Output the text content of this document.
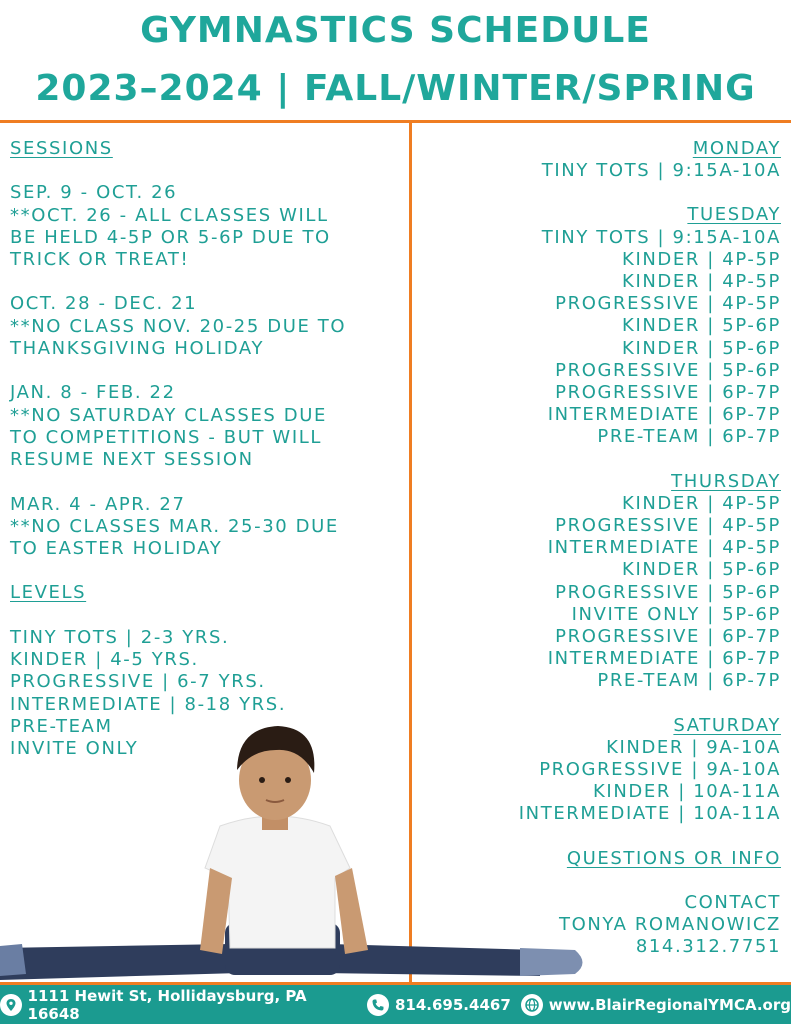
GYMNASTICS SCHEDULE
2023–2024 | FALL/WINTER/SPRING
SESSIONS
SEP. 9 - OCT. 26
**OCT. 26 - ALL CLASSES WILL
BE HELD 4-5P OR 5-6P DUE TO
TRICK OR TREAT!
OCT. 28 - DEC. 21
**NO CLASS NOV. 20-25 DUE TO
THANKSGIVING HOLIDAY
JAN. 8 - FEB. 22
**NO SATURDAY CLASSES DUE
TO COMPETITIONS - BUT WILL
RESUME NEXT SESSION
MAR. 4 - APR. 27
**NO CLASSES MAR. 25-30 DUE
TO EASTER HOLIDAY
LEVELS
TINY TOTS | 2-3 YRS.
KINDER | 4-5 YRS.
PROGRESSIVE | 6-7 YRS.
INTERMEDIATE | 8-18 YRS.
PRE-TEAM
INVITE ONLY
MONDAY
TINY TOTS | 9:15A-10A
TUESDAY
TINY TOTS | 9:15A-10A
KINDER | 4P-5P
KINDER | 4P-5P
PROGRESSIVE | 4P-5P
KINDER | 5P-6P
KINDER | 5P-6P
PROGRESSIVE | 5P-6P
PROGRESSIVE | 6P-7P
INTERMEDIATE | 6P-7P
PRE-TEAM | 6P-7P
THURSDAY
KINDER | 4P-5P
PROGRESSIVE | 4P-5P
INTERMEDIATE | 4P-5P
KINDER | 5P-6P
PROGRESSIVE | 5P-6P
INVITE ONLY | 5P-6P
PROGRESSIVE | 6P-7P
INTERMEDIATE | 6P-7P
PRE-TEAM | 6P-7P
SATURDAY
KINDER | 9A-10A
PROGRESSIVE | 9A-10A
KINDER | 10A-11A
INTERMEDIATE | 10A-11A
QUESTIONS OR INFO
CONTACT
TONYA ROMANOWICZ
814.312.7751
1111 Hewit St, Hollidaysburg, PA 16648	814.695.4467	www.BlairRegionalYMCA.org
